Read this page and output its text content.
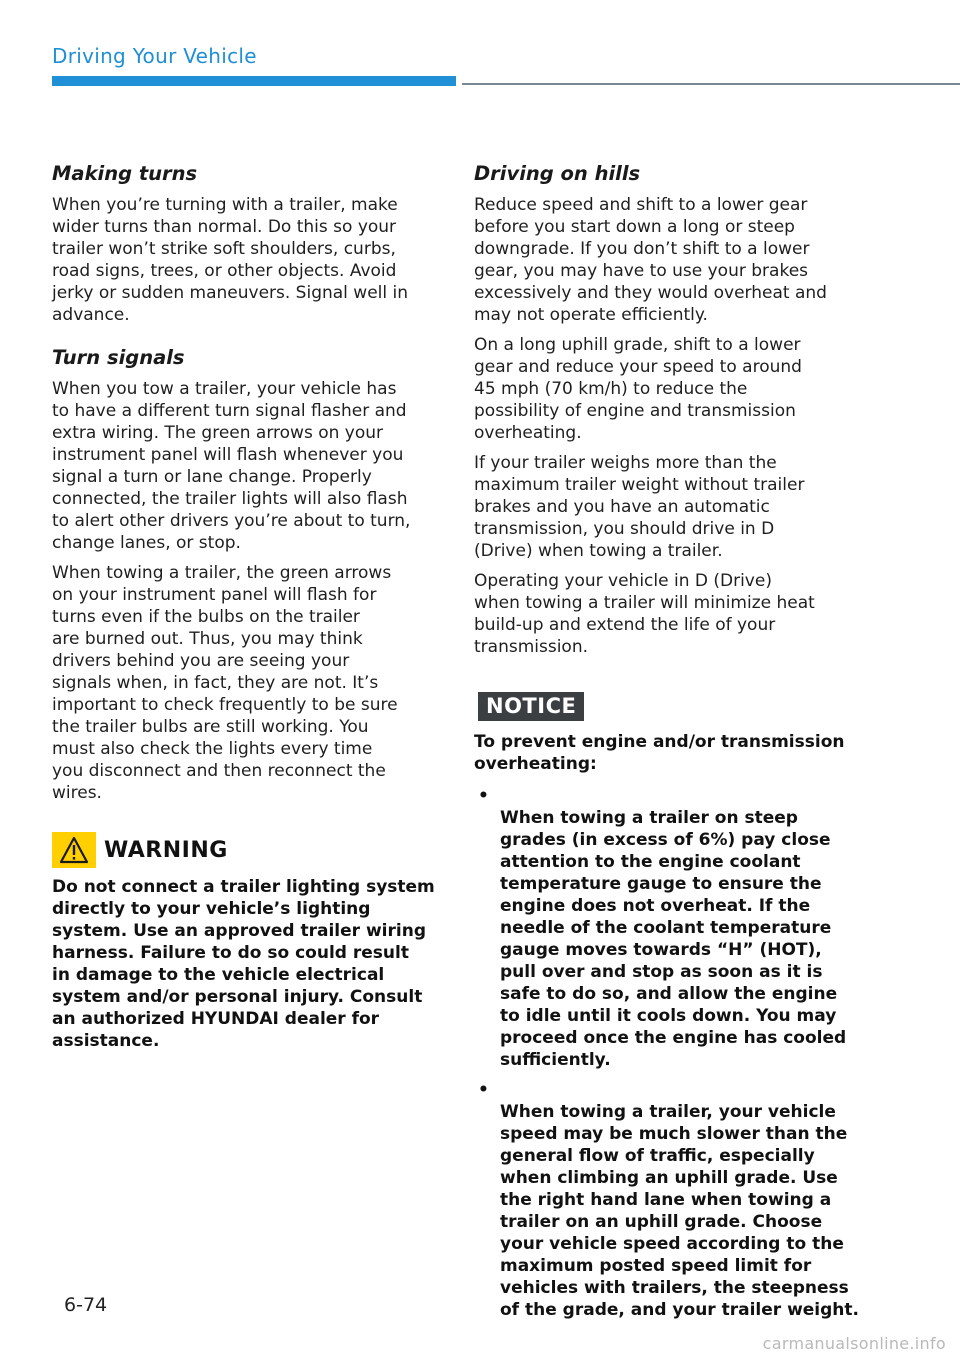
Driving Your Vehicle
Making turns

When you’re turning with a trailer, make
wider turns than normal. Do this so your
trailer won’t strike soft shoulders, curbs,
road signs, trees, or other objects. Avoid
jerky or sudden maneuvers. Signal well in
advance.

Turn signals

When you tow a trailer, your vehicle has
to have a different turn signal flasher and
extra wiring. The green arrows on your
instrument panel will flash whenever you
signal a turn or lane change. Properly
connected, the trailer lights will also flash
to alert other drivers you’re about to turn,
change lanes, or stop.

When towing a trailer, the green arrows
on your instrument panel will flash for
turns even if the bulbs on the trailer
are burned out. Thus, you may think
drivers behind you are seeing your
signals when, in fact, they are not. It’s
important to check frequently to be sure
the trailer bulbs are still working. You
must also check the lights every time
you disconnect and then reconnect the
wires.

WARNING

Do not connect a trailer lighting system
directly to your vehicle’s lighting
system. Use an approved trailer wiring
harness. Failure to do so could result
in damage to the vehicle electrical
system and/or personal injury. Consult
an authorized HYUNDAI dealer for
assistance.

Driving on hills

Reduce speed and shift to a lower gear
before you start down a long or steep
downgrade. If you don’t shift to a lower
gear, you may have to use your brakes
excessively and they would overheat and
may not operate efficiently.

On a long uphill grade, shift to a lower
gear and reduce your speed to around
45 mph (70 km/h) to reduce the
possibility of engine and transmission
overheating.

If your trailer weighs more than the
maximum trailer weight without trailer
brakes and you have an automatic
transmission, you should drive in D
(Drive) when towing a trailer.

Operating your vehicle in D (Drive)
when towing a trailer will minimize heat
build-up and extend the life of your
transmission.

NOTICE

To prevent engine and/or transmission
overheating:

•
When towing a trailer on steep
grades (in excess of 6%) pay close
attention to the engine coolant
temperature gauge to ensure the
engine does not overheat. If the
needle of the coolant temperature
gauge moves towards “H” (HOT),
pull over and stop as soon as it is
safe to do so, and allow the engine
to idle until it cools down. You may
proceed once the engine has cooled
sufficiently.

•
When towing a trailer, your vehicle
speed may be much slower than the
general flow of traffic, especially
when climbing an uphill grade. Use
the right hand lane when towing a
trailer on an uphill grade. Choose
your vehicle speed according to the
maximum posted speed limit for
vehicles with trailers, the steepness
of the grade, and your trailer weight.

6-74
carmanualsonline.info
